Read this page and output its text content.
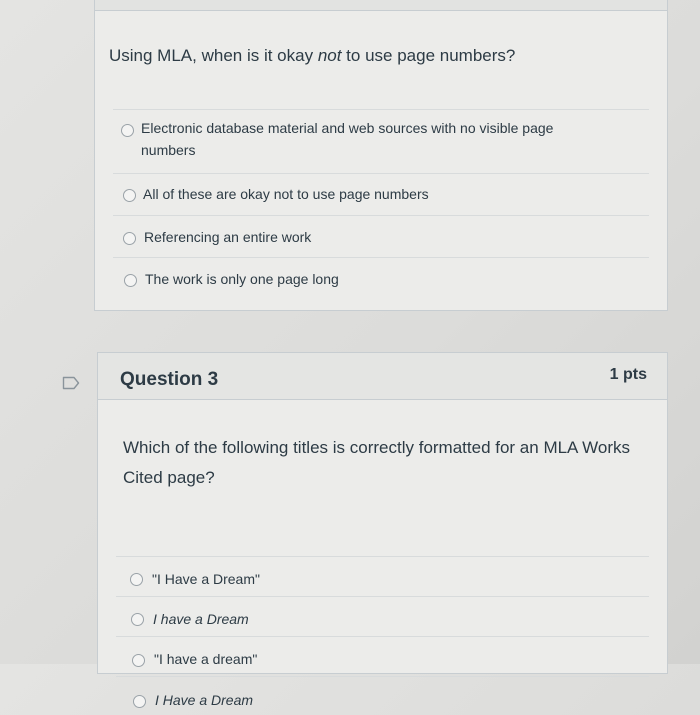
Using MLA, when is it okay not to use page numbers?
Electronic database material and web sources with no visible page numbers
All of these are okay not to use page numbers
Referencing an entire work
The work is only one page long
Question 3	1 pts
Which of the following titles is correctly formatted for an MLA Works Cited page?
"I Have a Dream"
I have a Dream
"I have a dream"
I Have a Dream
